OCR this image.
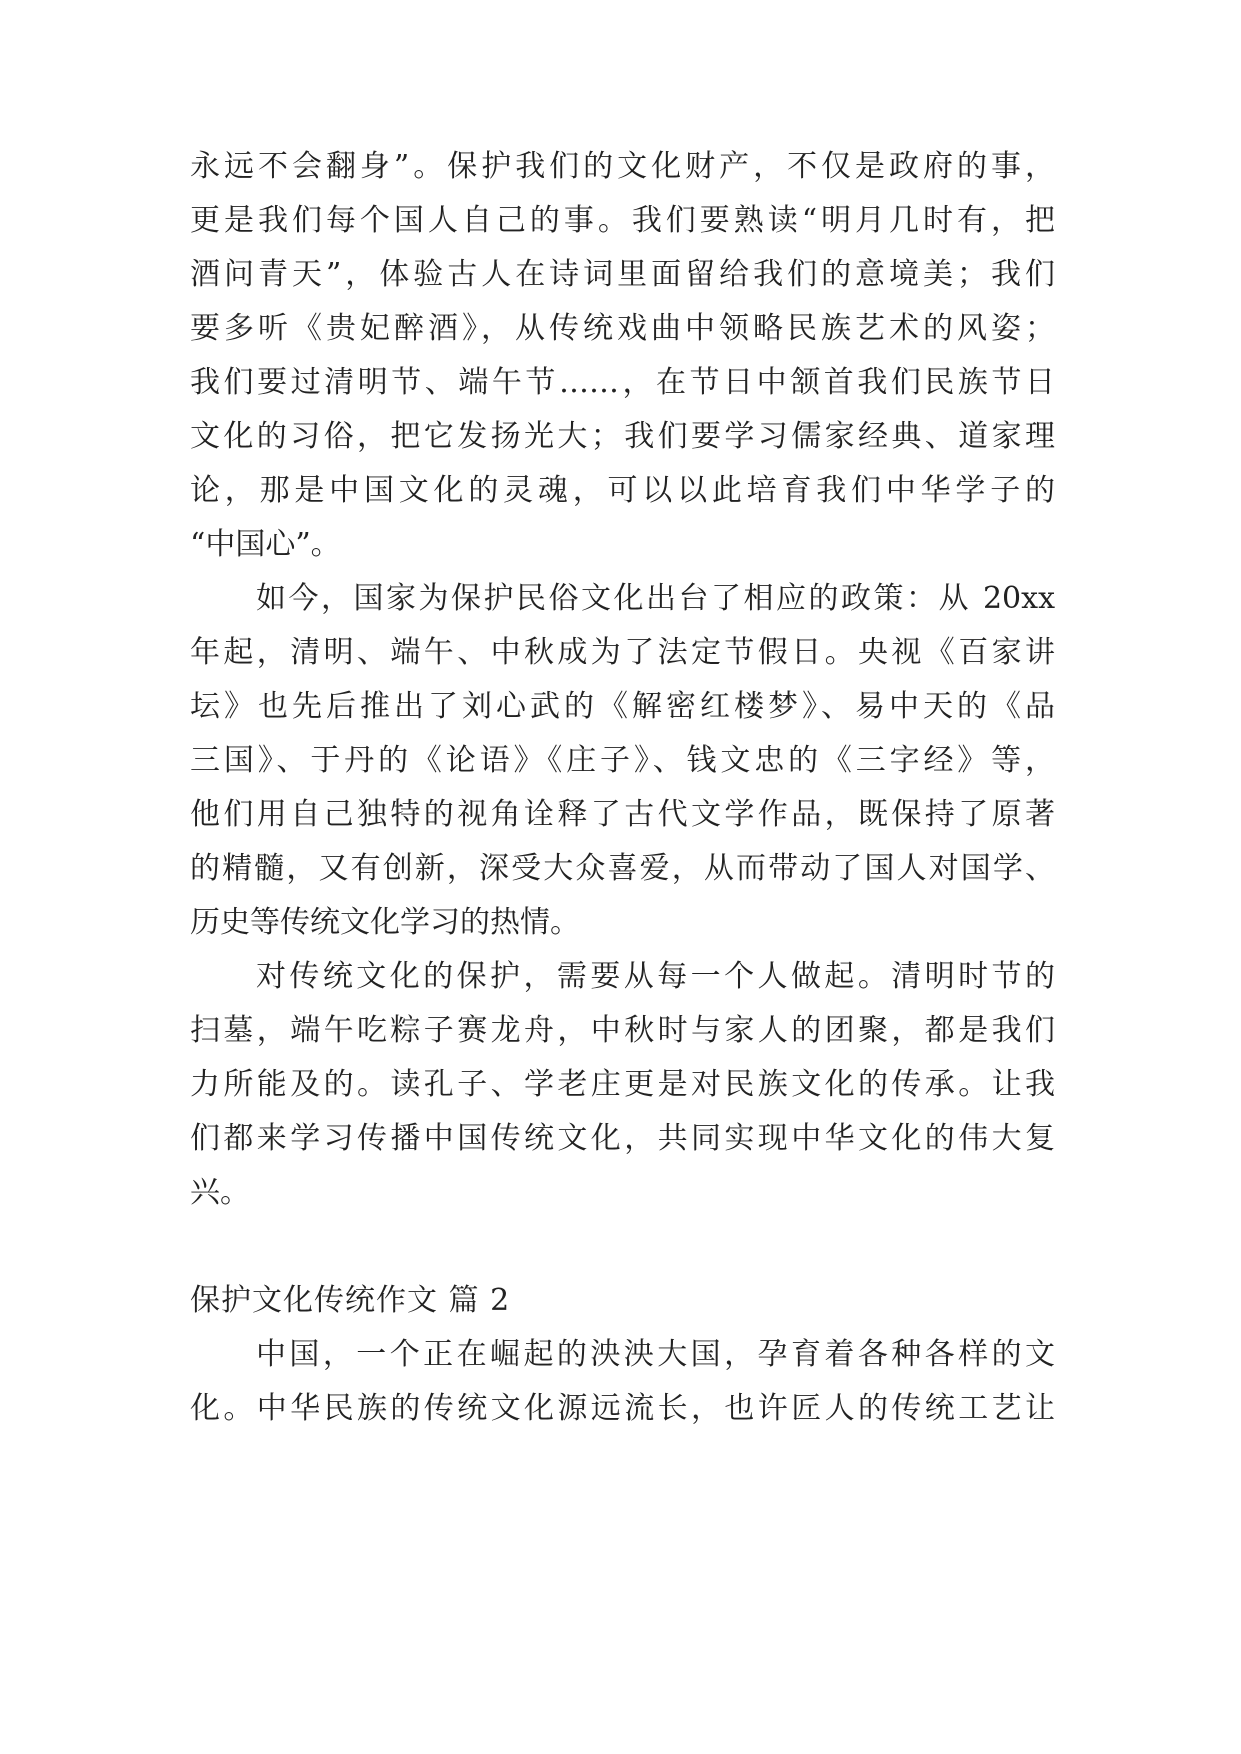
永远不会翻身”。保护我们的文化财产，不仅是政府的事，
更是我们每个国人自己的事。我们要熟读“明月几时有，把
酒问青天”，体验古人在诗词里面留给我们的意境美；我们
要多听《贵妃醉酒》，从传统戏曲中领略民族艺术的风姿；
我们要过清明节、端午节……，在节日中颔首我们民族节日
文化的习俗，把它发扬光大；我们要学习儒家经典、道家理
论，那是中国文化的灵魂，可以以此培育我们中华学子的
“中国心”。
如今，国家为保护民俗文化出台了相应的政策：从 20xx
年起，清明、端午、中秋成为了法定节假日。央视《百家讲
坛》也先后推出了刘心武的《解密红楼梦》、易中天的《品
三国》、于丹的《论语》《庄子》、钱文忠的《三字经》等，
他们用自己独特的视角诠释了古代文学作品，既保持了原著
的精髓，又有创新，深受大众喜爱，从而带动了国人对国学、
历史等传统文化学习的热情。
对传统文化的保护，需要从每一个人做起。清明时节的
扫墓，端午吃粽子赛龙舟，中秋时与家人的团聚，都是我们
力所能及的。读孔子、学老庄更是对民族文化的传承。让我
们都来学习传播中国传统文化，共同实现中华文化的伟大复
兴。
保护文化传统作文 篇 2
中国，一个正在崛起的泱泱大国，孕育着各种各样的文
化。中华民族的传统文化源远流长，也许匠人的传统工艺让
